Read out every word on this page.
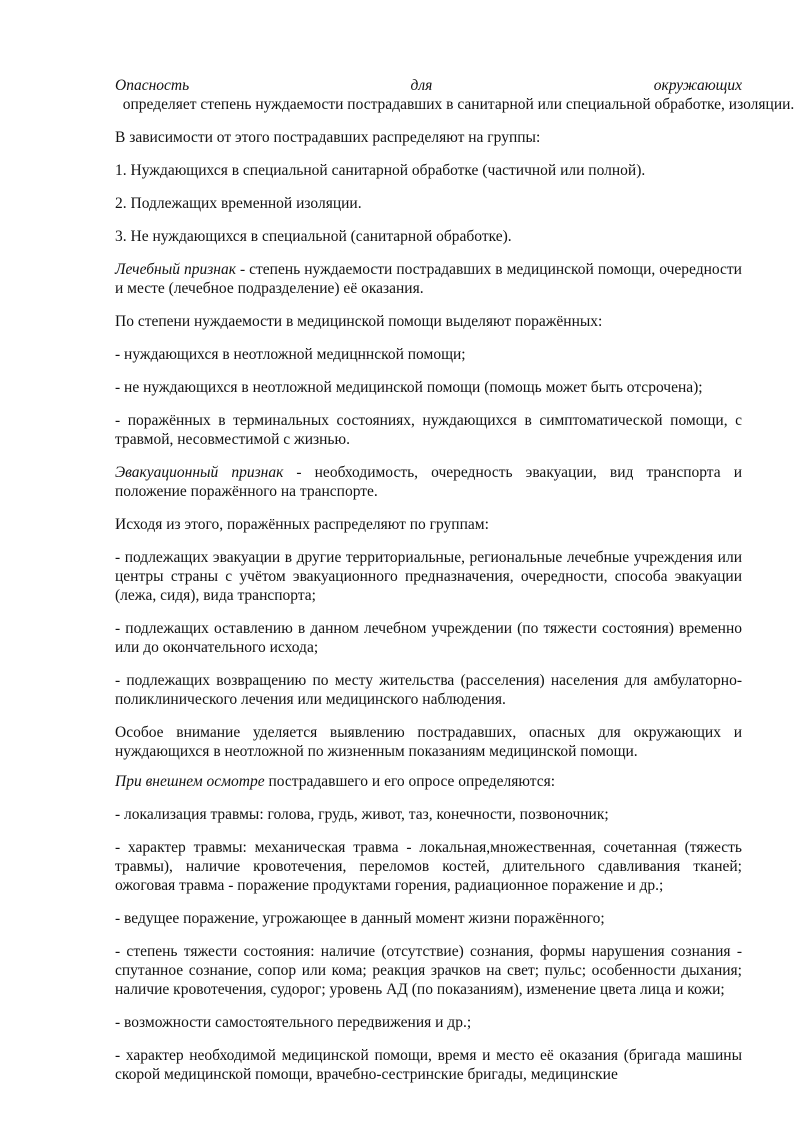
Опасность для окружающих  определяет степень нуждаемости пострадавших в санитарной или специальной обработке, изоляции.

В зависимости от этого пострадавших распределяют на группы:

1. Нуждающихся в специальной санитарной обработке (частичной или полной).

2. Подлежащих временной изоляции.

3. Не нуждающихся в специальной (санитарной обработке).

Лечебный признак - степень нуждаемости пострадавших в медицинской помощи, очередности и месте (лечебное подразделение) её оказания.

По степени нуждаемости в медицинской помощи выделяют поражённых:

- нуждающихся в неотложной медицннской помощи;

- не нуждающихся в неотложной медицинской помощи (помощь может быть отсрочена);

- поражённых в терминальных состояниях, нуждающихся в симптоматической помощи, с травмой, несовместимой с жизнью.

Эвакуационный признак - необходимость, очередность эвакуации, вид транспорта и положение поражённого на транспорте.

Исходя из этого, поражённых распределяют по группам:

- подлежащих эвакуации в другие территориальные, региональные лечебные учреждения или центры страны с учётом эвакуационного предназначения, очередности, способа эвакуации (лежа, сидя), вида транспорта;

- подлежащих оставлению в данном лечебном учреждении (по тяжести состояния) временно или до окончательного исхода;

- подлежащих возвращению по месту жительства (расселения) населения для амбулаторно-поликлинического лечения или медицинского наблюдения.

Особое внимание уделяется выявлению пострадавших, опасных для окружающих и нуждающихся в неотложной по жизненным показаниям медицинской помощи.

При внешнем осмотре пострадавшего и его опросе определяются:

- локализация травмы: голова, грудь, живот, таз, конечности, позвоночник;

- характер травмы: механическая травма - локальная,множественная, сочетанная (тяжесть травмы), наличие кровотечения, переломов костей, длительного сдавливания тканей; ожоговая травма - поражение продуктами горения, радиационное поражение и др.;

- ведущее поражение, угрожающее в данный момент жизни поражённого;

- степень тяжести состояния: наличие (отсутствие) сознания, формы нарушения сознания - спутанное сознание, сопор или кома; реакция зрачков на свет; пульс; особенности дыхания; наличие кровотечения, судорог; уровень АД (по показаниям), изменение цвета лица и кожи;

- возможности самостоятельного передвижения и др.;

- характер необходимой медицинской помощи, время и место её оказания (бригада машины скорой медицинской помощи, врачебно-сестринские бригады, медицинские
